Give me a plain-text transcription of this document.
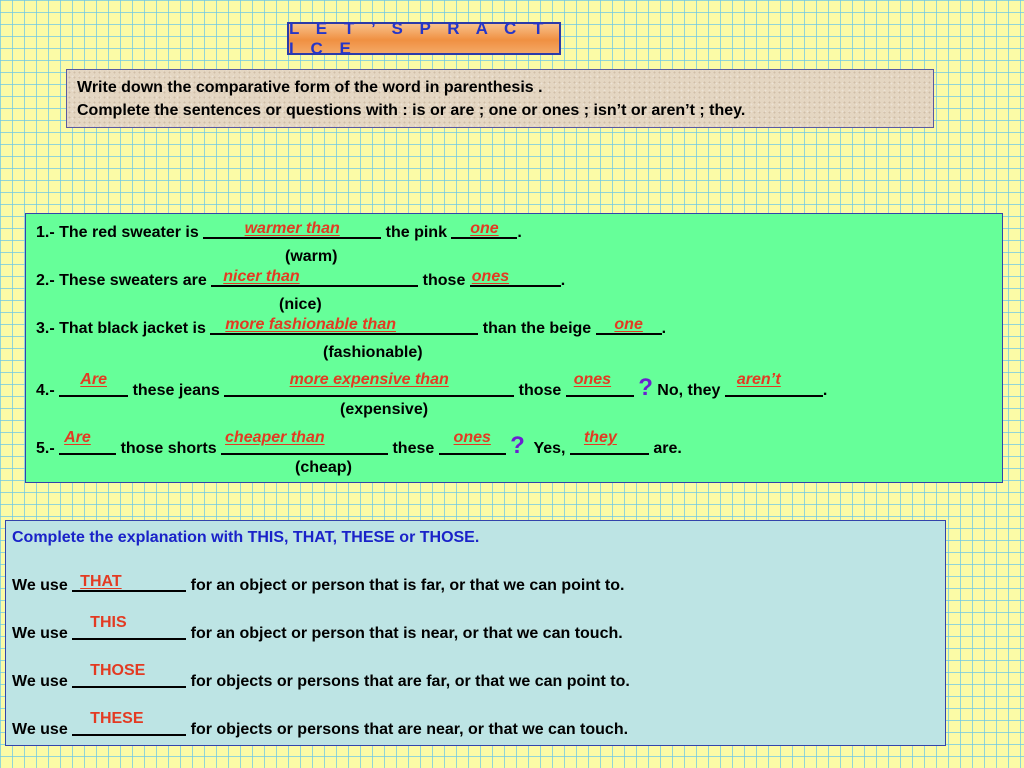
L E T ’ S P R A C T I C E
Write down the comparative form of the word in parenthesis .
Complete the sentences or questions with : is or are ; one or ones ; isn’t or aren’t ; they.
1.- The red sweater is	warmer than	the pink	one	.
(warm)
2.- These sweaters are nicer than	those ones	.
(nice)
3.- That black jacket is more fashionable than	than the beige	one	.
(fashionable)
4.-
Are
these jeans
more expensive than
those
ones ? No, they
aren’t
.
(expensive)
5.-
Are
those shorts
cheaper than
these
ones ?  Yes,
they
are.
(cheap)
Complete the explanation with THIS, THAT, THESE or THOSE.
We use THAT	for an object or person that is far, or that we can point to.
We use
THIS
for an object or person that is near, or that we can touch.
We use
THOSE
for objects or persons that are far, or that we can point to.
We use
THESE
for objects or persons that are near, or that we can touch.
